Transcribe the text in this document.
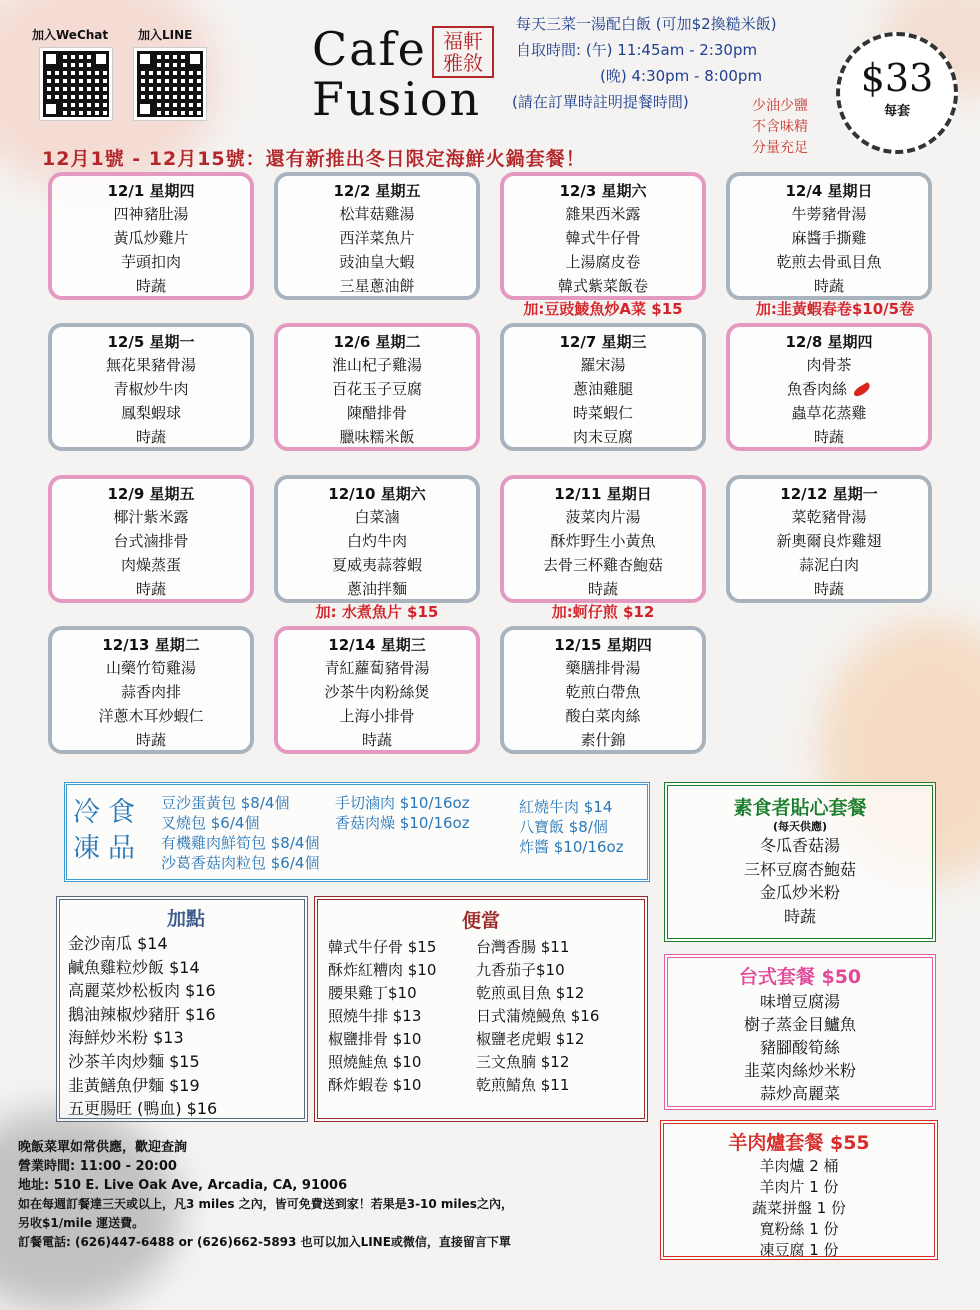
加入WeChat 加入LINE	Cafe
Fusion
福軒雅敘
每天三菜一湯配白飯 (可加$2換糙米飯)
自取時間: (午) 11:45am - 2:30pm
(晚) 4:30pm - 8:00pm
(請在訂單時註明提餐時間)	少油少鹽
不含味精
分量充足
$33
每套
12月1號 - 12月15號：還有新推出冬日限定海鮮火鍋套餐！
12/1 星期四
四神豬肚湯
黃瓜炒雞片
芋頭扣肉
時蔬
12/2 星期五
松茸菇雞湯
西洋菜魚片
豉油皇大蝦
三星蔥油餅
12/3 星期六
雜果西米露
韓式牛仔骨
上湯腐皮卷
韓式紫菜飯卷
加:豆豉鯪魚炒A菜 $15
12/4 星期日
牛蒡豬骨湯
麻醬手撕雞
乾煎去骨虱目魚
時蔬
加:韭黃蝦春卷$10/5卷
12/5 星期一
無花果豬骨湯
青椒炒牛肉
鳳梨蝦球
時蔬
12/6 星期二
淮山杞子雞湯
百花玉子豆腐
陳醋排骨
臘味糯米飯
12/7 星期三
羅宋湯
蔥油雞腿
時菜蝦仁
肉末豆腐
12/8 星期四
肉骨茶
魚香肉絲
蟲草花蒸雞
時蔬
12/9 星期五
椰汁紫米露
台式滷排骨
肉燥蒸蛋
時蔬
12/10 星期六
白菜滷
白灼牛肉
夏威夷蒜蓉蝦
蔥油拌麵
加: 水煮魚片 $15
12/11 星期日
菠菜肉片湯
酥炸野生小黃魚
去骨三杯雞杏鮑菇
時蔬
加:蚵仔煎 $12
12/12 星期一
菜乾豬骨湯
新奧爾良炸雞翅
蒜泥白肉
時蔬
12/13 星期二
山藥竹筍雞湯
蒜香肉排
洋蔥木耳炒蝦仁
時蔬
12/14 星期三
青紅蘿蔔豬骨湯
沙茶牛肉粉絲煲
上海小排骨
時蔬
12/15 星期四
藥膳排骨湯
乾煎白帶魚
酸白菜肉絲
素什錦
冷食
凍品
豆沙蛋黃包 $8/4個
叉燒包 $6/4個
有機雞肉鮮筍包 $8/4個
沙葛香菇肉粒包 $6/4個
手切滷肉 $10/16oz
香菇肉燥 $10/16oz
紅燒牛肉 $14
八寶飯 $8/個
炸醬 $10/16oz
素食者貼心套餐
(每天供應)
冬瓜香菇湯
三杯豆腐杏鮑菇
金瓜炒米粉
時蔬
加點
金沙南瓜 $14
鹹魚雞粒炒飯 $14
高麗菜炒松板肉 $16
鵝油辣椒炒豬肝 $16
海鮮炒米粉 $13
沙茶羊肉炒麵 $15
韭黃鱔魚伊麵 $19
五更腸旺 (鴨血) $16
便當
韓式牛仔骨 $15
酥炸紅糟肉 $10
腰果雞丁$10
照燒牛排 $13
椒鹽排骨 $10
照燒鮭魚 $10
酥炸蝦卷 $10
台灣香腸 $11
九香茄子$10
乾煎虱目魚 $12
日式蒲燒鰻魚 $16
椒鹽老虎蝦 $12
三文魚腩 $12
乾煎鯖魚 $11
台式套餐 $50
味增豆腐湯
樹子蒸金目鱸魚
豬腳酸筍絲
韭菜肉絲炒米粉
蒜炒高麗菜
羊肉爐套餐 $55
羊肉爐 2 桶
羊肉片 1 份
蔬菜拼盤 1 份
寬粉絲 1 份
凍豆腐 1 份
晚飯菜單如常供應，歡迎查詢
營業時間: 11:00 - 20:00
地址: 510 E. Live Oak Ave, Arcadia, CA, 91006
如在每週訂餐達三天或以上，凡3 miles 之內，皆可免費送到家！若果是3-10 miles之內，
另收$1/mile 運送費。
訂餐電話: (626)447-6488 or (626)662-5893 也可以加入LINE或微信，直接留言下單
